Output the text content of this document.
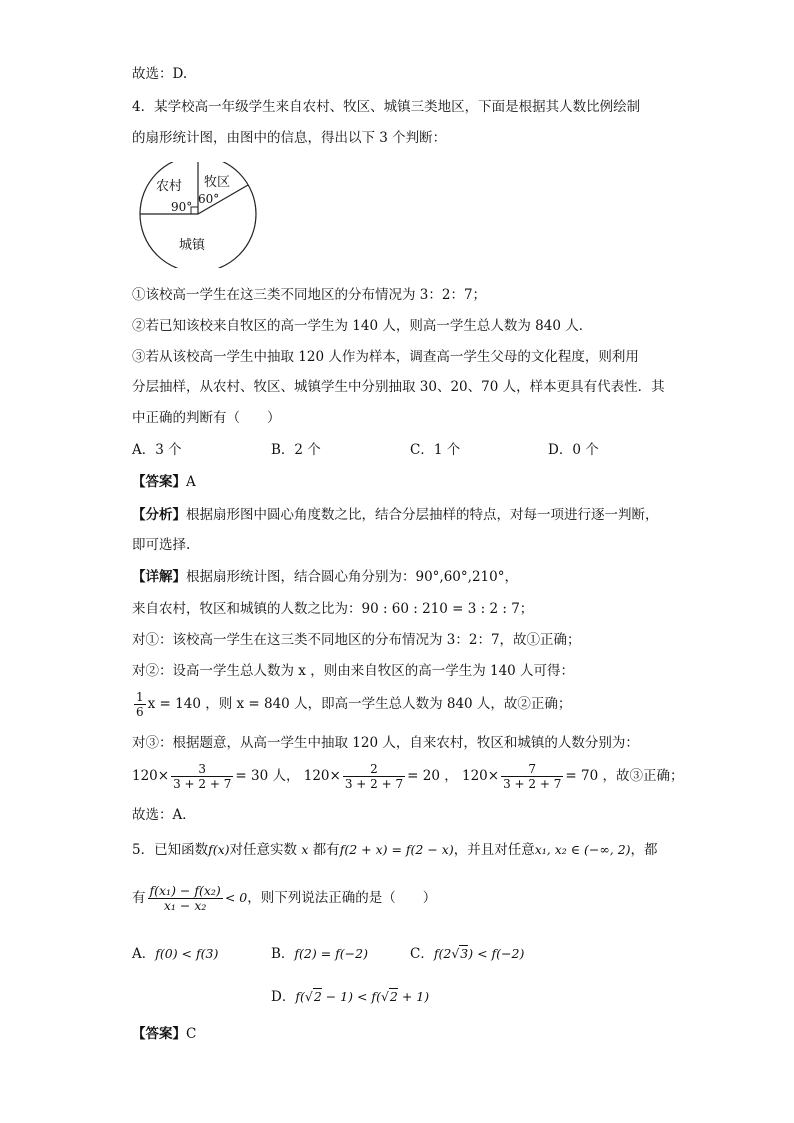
故选：D.
4．某学校高一年级学生来自农村、牧区、城镇三类地区，下面是根据其人数比例绘制
的扇形统计图，由图中的信息，得出以下 3 个判断：
农村 牧区
90°
60°
城镇
①该校高一学生在这三类不同地区的分布情况为 3：2：7；
②若已知该校来自牧区的高一学生为 140 人，则高一学生总人数为 840 人．
③若从该校高一学生中抽取 120 人作为样本，调查高一学生父母的文化程度，则利用
分层抽样，从农村、牧区、城镇学生中分别抽取 30、20、70 人，样本更具有代表性．其
中正确的判断有（　　）
A．3 个	B．2 个	C．1 个	D．0 个
【答案】A
【分析】根据扇形图中圆心角度数之比，结合分层抽样的特点，对每一项进行逐一判断，
即可选择.
【详解】根据扇形统计图，结合圆心角分别为：90°,60°,210°，
来自农村，牧区和城镇的人数之比为：90 : 60 : 210 = 3 : 2 : 7；
对①：该校高一学生在这三类不同地区的分布情况为 3：2：7，故①正确；
对②：设高一学生总人数为 x ，则由来自牧区的高一学生为 140 人可得：
$\frac{1}{6}$ x = 140 ，则 x = 840 人，即高一学生总人数为 840 人，故②正确；
对③：根据题意，从高一学生中抽取 120 人，自来农村，牧区和城镇的人数分别为：
$120\times \frac{3}{3 + 2 + 7} = 30$ 人， $120\times \frac{2}{3 + 2 + 7} = 20$ ， $120\times \frac{7}{3 + 2 + 7} = 70$ ，故③正确；
故选：A．
5．已知函数f(x)对任意实数 x 都有f(2 + x) = f(2 − x)，并且对任意x₁, x₂ ∈ (−∞, 2)，都
有 $\frac{\text{f(x₁) − f(x₂)}}{\text{x₁ − x₂}} < 0$，则下列说法正确的是（　　）
A．f(0) < f(3)	B．f(2) = f(−2)	C．f(2√3) < f(−2)
D．f(√2 − 1) < f(√2 + 1)
【答案】C
